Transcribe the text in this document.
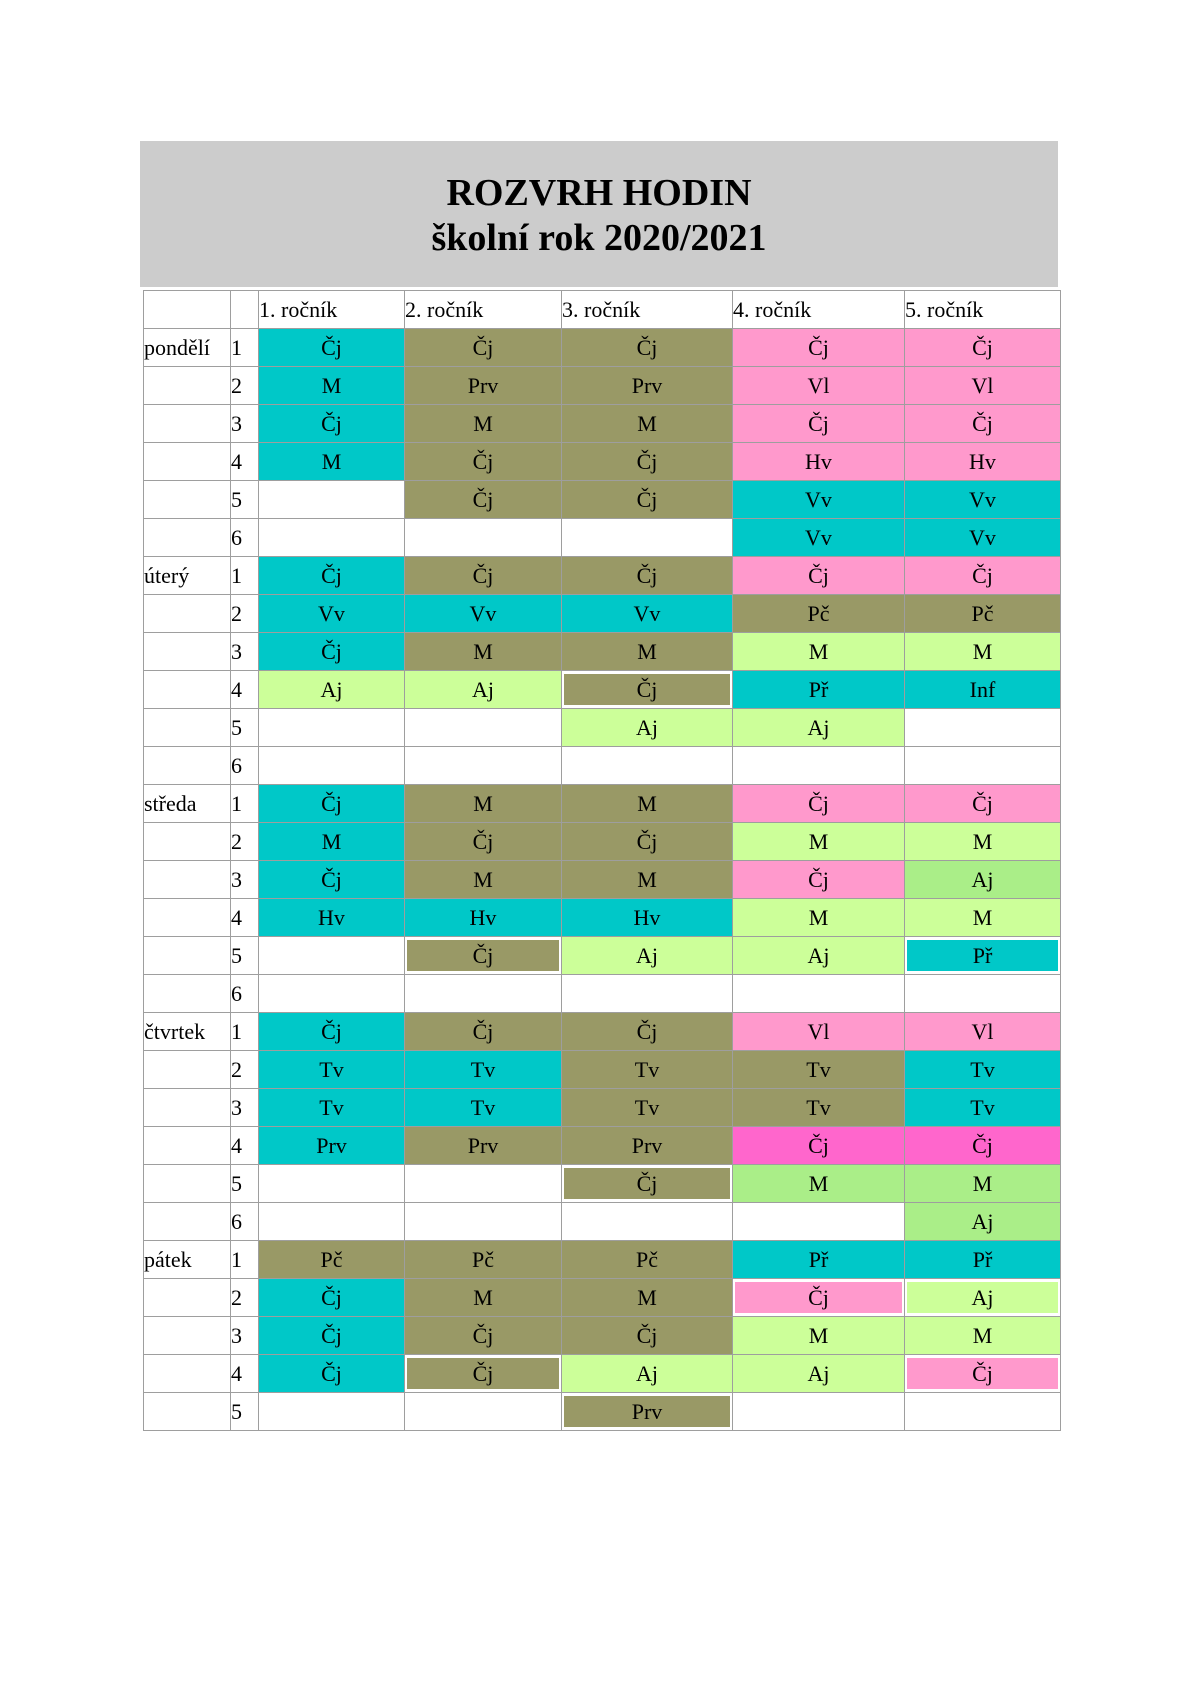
ROZVRH HODIN
školní rok 2020/2021
		1. ročník	2. ročník	3. ročník	4. ročník	5. ročník
pondělí	1	Čj	Čj	Čj	Čj	Čj
	2	M	Prv	Prv	Vl	Vl
	3	Čj	M	M	Čj	Čj
	4	M	Čj	Čj	Hv	Hv
	5		Čj	Čj	Vv	Vv
	6				Vv	Vv
úterý	1	Čj	Čj	Čj	Čj	Čj
	2	Vv	Vv	Vv	Pč	Pč
	3	Čj	M	M	M	M
	4	Aj	Aj	Čj	Př	Inf
	5			Aj	Aj	
	6					
středa	1	Čj	M	M	Čj	Čj
	2	M	Čj	Čj	M	M
	3	Čj	M	M	Čj	Aj
	4	Hv	Hv	Hv	M	M
	5		Čj	Aj	Aj	Př

	6					
čtvrtek	1	Čj	Čj	Čj	Vl	Vl
	2	Tv	Tv	Tv	Tv	Tv
	3	Tv	Tv	Tv	Tv	Tv
	4	Prv	Prv	Prv	Čj	Čj
	5			Čj	M	M
	6					Aj
pátek	1	Pč	Pč	Pč	Př	Př
	2	Čj	M	M	Čj	Aj

	3	Čj	Čj	Čj	M	M
	4	Čj	Čj	Aj	Aj	Čj

	5			Prv		
